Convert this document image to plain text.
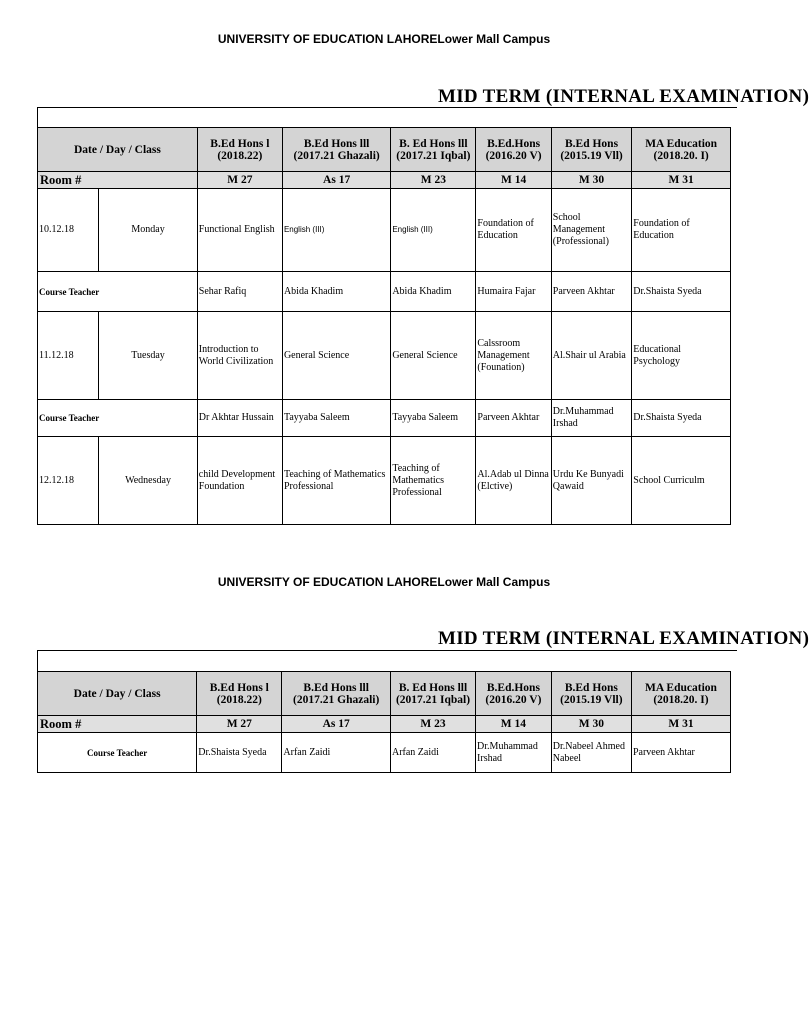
UNIVERSITY OF EDUCATION LAHORELower Mall Campus
MID TERM (INTERNAL EXAMINATION)
Date / Day / Class		B.Ed Hons l (2018.22)	B.Ed Hons lll (2017.21 Ghazali)	B. Ed Hons lll (2017.21 Iqbal)	B.Ed.Hons (2016.20 V)	B.Ed Hons (2015.19 Vll)	MA Education (2018.20. I)
Room #		M 27	As 17	M 23	M 14	M 30	M 31
10.12.18	Monday	Functional English	English (III)	English (III)	Foundation of Education	School Management (Professional)	Foundation of Education
Course Teacher		Sehar Rafiq	Abida Khadim	Abida Khadim	Humaira Fajar	Parveen Akhtar	Dr.Shaista Syeda
11.12.18	Tuesday	Introduction to World Civilization	General Science	General Science	Calssroom Management (Founation)	Al.Shair ul Arabia	Educational Psychology
Course Teacher		Dr Akhtar Hussain	Tayyaba Saleem	Tayyaba Saleem	Parveen Akhtar	Dr.Muhammad Irshad	Dr.Shaista Syeda
12.12.18	Wednesday	child Development Foundation	Teaching of Mathematics Professional	Teaching of Mathematics Professional	Al.Adab ul Dinna (Elctive)	Urdu Ke Bunyadi Qawaid	School Curriculm
UNIVERSITY OF EDUCATION LAHORELower Mall Campus
MID TERM (INTERNAL EXAMINATION)
Date / Day / Class	B.Ed Hons l (2018.22)	B.Ed Hons lll (2017.21 Ghazali)	B. Ed Hons lll (2017.21 Iqbal)	B.Ed.Hons (2016.20 V)	B.Ed Hons (2015.19 Vll)	MA Education (2018.20. I)
Room #	M 27	As 17	M 23	M 14	M 30	M 31
Course Teacher	Dr.Shaista Syeda	Arfan Zaidi	Arfan Zaidi	Dr.Muhammad Irshad	Dr.Nabeel Ahmed Nabeel	Parveen Akhtar
